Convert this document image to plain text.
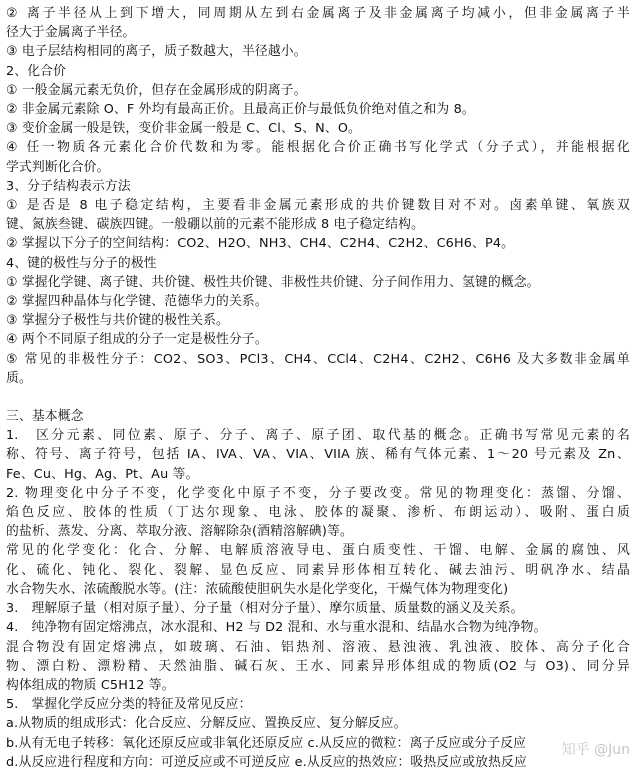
② 离子半径从上到下增大，同周期从左到右金属离子及非金属离子均减小，但非金属离子半
径大于金属离子半径。
③ 电子层结构相同的离子，质子数越大，半径越小。
2、化合价
① 一般金属元素无负价，但存在金属形成的阴离子。
② 非金属元素除 O、F 外均有最高正价。且最高正价与最低负价绝对值之和为 8。
③ 变价金属一般是铁，变价非金属一般是 C、Cl、S、N、O。
④ 任一物质各元素化合价代数和为零。能根据化合价正确书写化学式（分子式），并能根据化
学式判断化合价。
3、分子结构表示方法
① 是否是 8 电子稳定结构，主要看非金属元素形成的共价键数目对不对。卤素单键、氧族双
键、氮族叁键、碳族四键。一般硼以前的元素不能形成 8 电子稳定结构。
② 掌握以下分子的空间结构：CO2、H2O、NH3、CH4、C2H4、C2H2、C6H6、P4。
4、键的极性与分子的极性
① 掌握化学键、离子键、共价键、极性共价键、非极性共价键、分子间作用力、氢键的概念。
② 掌握四种晶体与化学键、范德华力的关系。
③ 掌握分子极性与共价键的极性关系。
④ 两个不同原子组成的分子一定是极性分子。
⑤ 常见的非极性分子：CO2、SO3、PCl3、CH4、CCl4、C2H4、C2H2、C6H6 及大多数非金属单
质。
三、基本概念
1.　区分元素、同位素、原子、分子、离子、原子团、取代基的概念。正确书写常见元素的名
称、符号、离子符号，包括 IA、IVA、VA、VIA、VIIA 族、稀有气体元素、1～20 号元素及 Zn、
Fe、Cu、Hg、Ag、Pt、Au 等。
2. 物理变化中分子不变，化学变化中原子不变，分子要改变。常见的物理变化：蒸馏、分馏、
焰色反应、胶体的性质（丁达尔现象、电泳、胶体的凝聚、渗析、布朗运动）、吸附、蛋白质
的盐析、蒸发、分离、萃取分液、溶解除杂(酒精溶解碘)等。
常见的化学变化：化合、分解、电解质溶液导电、蛋白质变性、干馏、电解、金属的腐蚀、风
化、硫化、钝化、裂化、裂解、显色反应、同素异形体相互转化、碱去油污、明矾净水、结晶
水合物失水、浓硫酸脱水等。(注：浓硫酸使胆矾失水是化学变化，干燥气体为物理变化)
3.　理解原子量（相对原子量）、分子量（相对分子量）、摩尔质量、质量数的涵义及关系。
4.　纯净物有固定熔沸点，冰水混和、H2 与 D2 混和、水与重水混和、结晶水合物为纯净物。
混合物没有固定熔沸点，如玻璃、石油、铝热剂、溶液、悬浊液、乳浊液、胶体、高分子化合
物、漂白粉、漂粉精、天然油脂、碱石灰、王水、同素异形体组成的物质(O2 与 O3)、同分异
构体组成的物质 C5H12 等。
5.　掌握化学反应分类的特征及常见反应：
a.从物质的组成形式：化合反应、分解反应、置换反应、复分解反应。
b.从有无电子转移：氧化还原反应或非氧化还原反应 c.从反应的微粒：离子反应或分子反应
d.从反应进行程度和方向：可逆反应或不可逆反应 e.从反应的热效应：吸热反应或放热反应
知乎 @Jun
